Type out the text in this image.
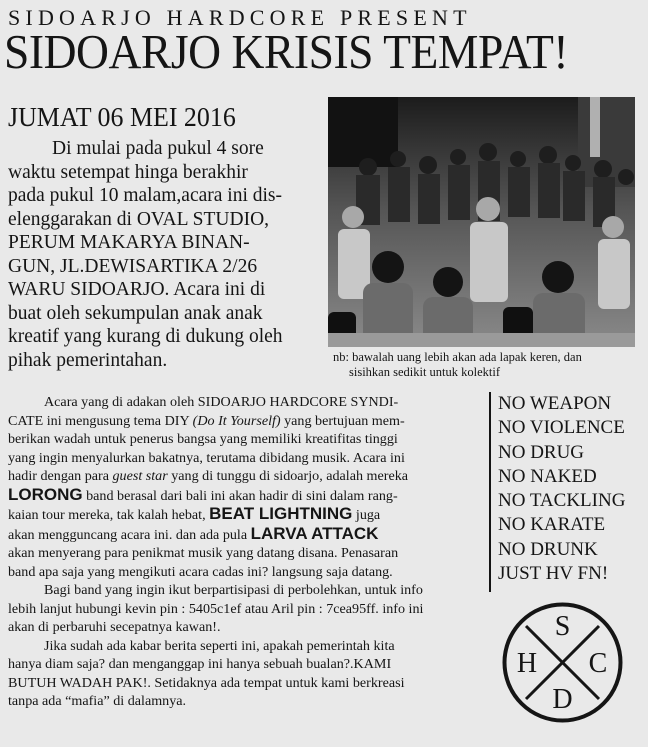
SIDOARJO HARDCORE PRESENT
SIDOARJO KRISIS TEMPAT!
JUMAT 06 MEI 2016
Di mulai pada pukul 4 sore
waktu setempat hinga berakhir
pada pukul 10 malam,acara ini dis-
elenggarakan di OVAL STUDIO,
PERUM MAKARYA BINAN-
GUN, JL.DEWISARTIKA 2/26
WARU SIDOARJO. Acara ini di
buat oleh sekumpulan anak anak
kreatif yang kurang di dukung oleh
pihak pemerintahan.	nb: bawalah uang lebih akan ada lapak keren, dan
sisihkan sedikit untuk kolektif
Acara yang di adakan oleh SIDOARJO HARDCORE SYNDI-
CATE ini mengusung tema DIY (Do It Yourself) yang bertujuan mem-
berikan wadah untuk penerus bangsa yang memiliki kreatifitas tinggi
yang ingin menyalurkan bakatnya, terutama dibidang musik. Acara ini
hadir dengan para guest star yang di tunggu di sidoarjo, adalah mereka
LORONG band berasal dari bali ini akan hadir di sini dalam rang-
kaian tour mereka, tak kalah hebat, BEAT LIGHTNING juga
akan mengguncang acara ini. dan ada pula LARVA ATTACK
akan menyerang para penikmat musik yang datang disana. Penasaran
band apa saja yang mengikuti acara cadas ini? langsung saja datang.
Bagi band yang ingin ikut berpartisipasi di perbolehkan, untuk info
lebih lanjut hubungi kevin pin : 5405c1ef atau Aril pin : 7cea95ff. info ini
akan di perbaruhi secepatnya kawan!.
Jika sudah ada kabar berita seperti ini, apakah pemerintah kita
hanya diam saja? dan menganggap ini hanya sebuah bualan?.KAMI
BUTUH WADAH PAK!. Setidaknya ada tempat untuk kami berkreasi
tanpa ada “mafia” di dalamnya.
NO WEAPON
NO VIOLENCE
NO DRUG
NO NAKED
NO TACKLING
NO KARATE
NO DRUNK
JUST HV FN!
S
H C
D
